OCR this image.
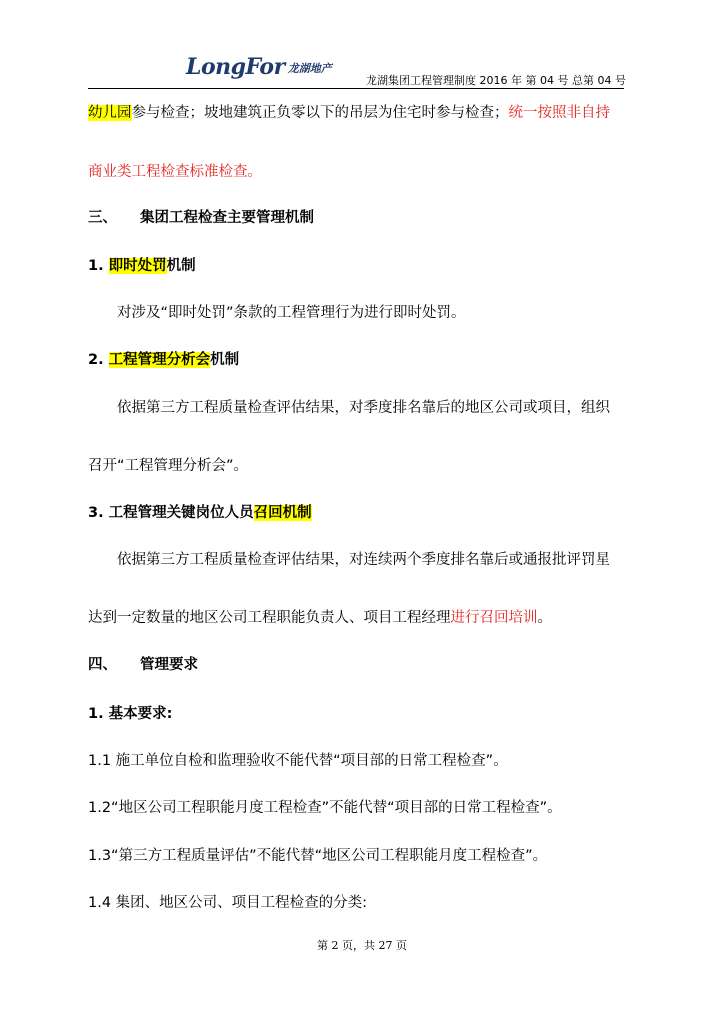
LongFor 龙湖地产
龙湖集团工程管理制度 2016 年 第 04 号 总第 04 号
幼儿园参与检查；坡地建筑正负零以下的吊层为住宅时参与检查；统一按照非自持
商业类工程检查标准检查。
三、 集团工程检查主要管理机制
1. 即时处罚机制
对涉及“即时处罚”条款的工程管理行为进行即时处罚。
2. 工程管理分析会机制
依据第三方工程质量检查评估结果，对季度排名靠后的地区公司或项目，组织
召开“工程管理分析会”。
3. 工程管理关键岗位人员召回机制
依据第三方工程质量检查评估结果，对连续两个季度排名靠后或通报批评罚星
达到一定数量的地区公司工程职能负责人、项目工程经理进行召回培训。
四、 管理要求
1. 基本要求:
1.1 施工单位自检和监理验收不能代替“项目部的日常工程检查”。
1.2“地区公司工程职能月度工程检查”不能代替“项目部的日常工程检查”。
1.3“第三方工程质量评估”不能代替“地区公司工程职能月度工程检查”。
1.4 集团、地区公司、项目工程检查的分类:
第 2 页，共 27 页
